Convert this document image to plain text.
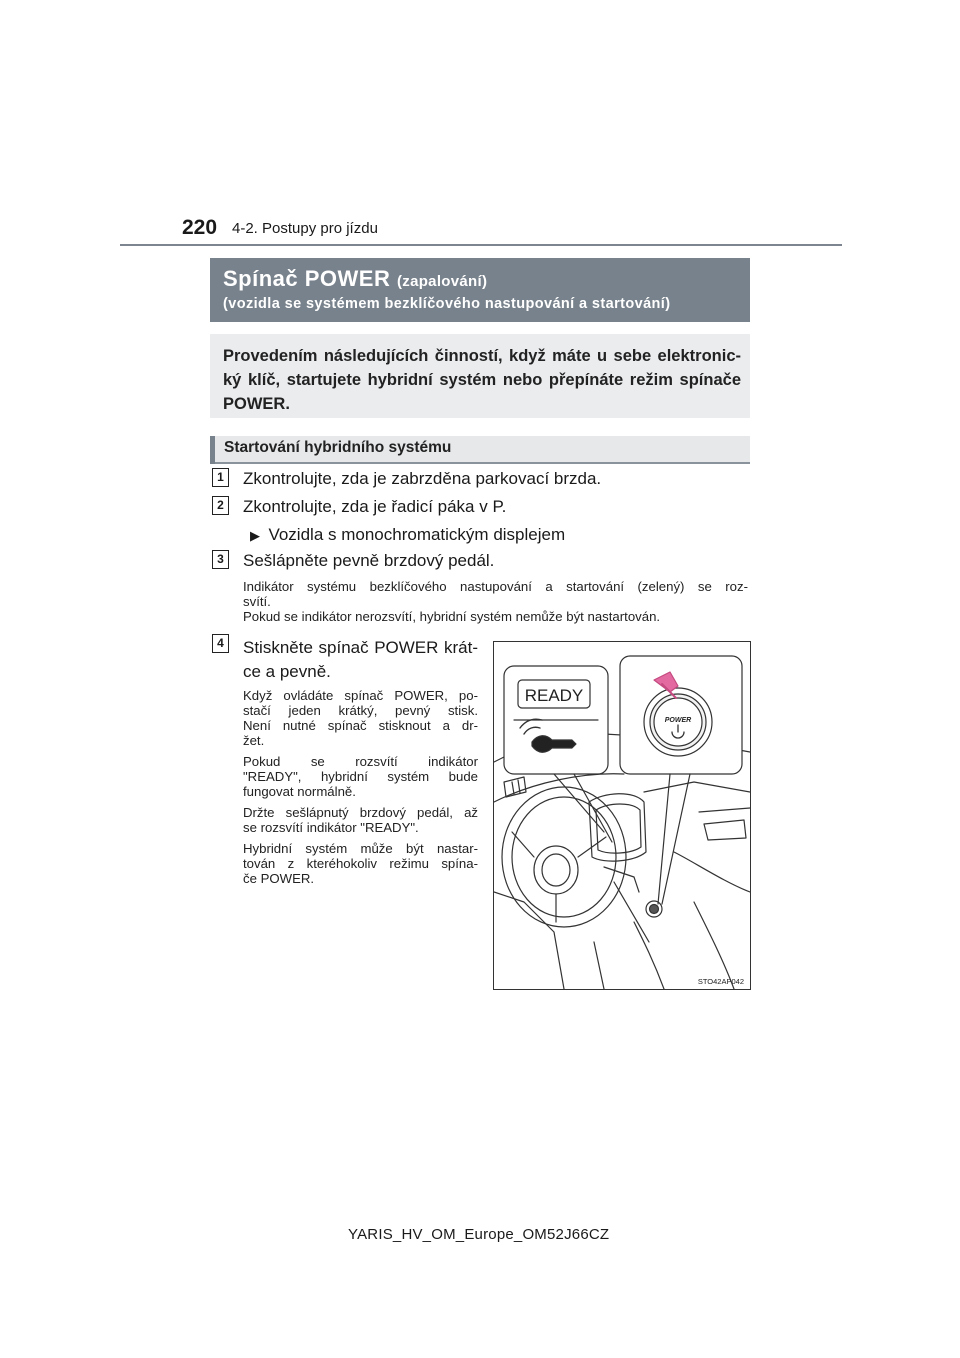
220 4-2. Postupy pro jízdu
Spínač POWER (zapalování)
(vozidla se systémem bezklíčového nastupování a startování)
Provedením následujících činností, když máte u sebe elektronic-ký klíč, startujete hybridní systém nebo přepínáte režim spínače POWER.
Startování hybridního systému
1	Zkontrolujte, zda je zabrzděna parkovací brzda.
2	Zkontrolujte, zda je řadicí páka v P.
▶ Vozidla s monochromatickým displejem
3	Sešlápněte pevně brzdový pedál.
Indikátor systému bezklíčového nastupování a startování (zelený) se roz-
svítí.
Pokud se indikátor nerozsvítí, hybridní systém nemůže být nastartován.
4	Stiskněte spínač POWER krát-
ce a pevně.
Když ovládáte spínač POWER, po-
stačí jeden krátký, pevný stisk.
Není nutné spínač stisknout a dr-
žet.
Pokud se rozsvítí indikátor
"READY", hybridní systém bude
fungovat normálně.
Držte sešlápnutý brzdový pedál, až
se rozsvítí indikátor "READY".
Hybridní systém může být nastar-
tován z kteréhokoliv režimu spína-
če POWER.
READY
POWER
STO42AP042
YARIS_HV_OM_Europe_OM52J66CZ
